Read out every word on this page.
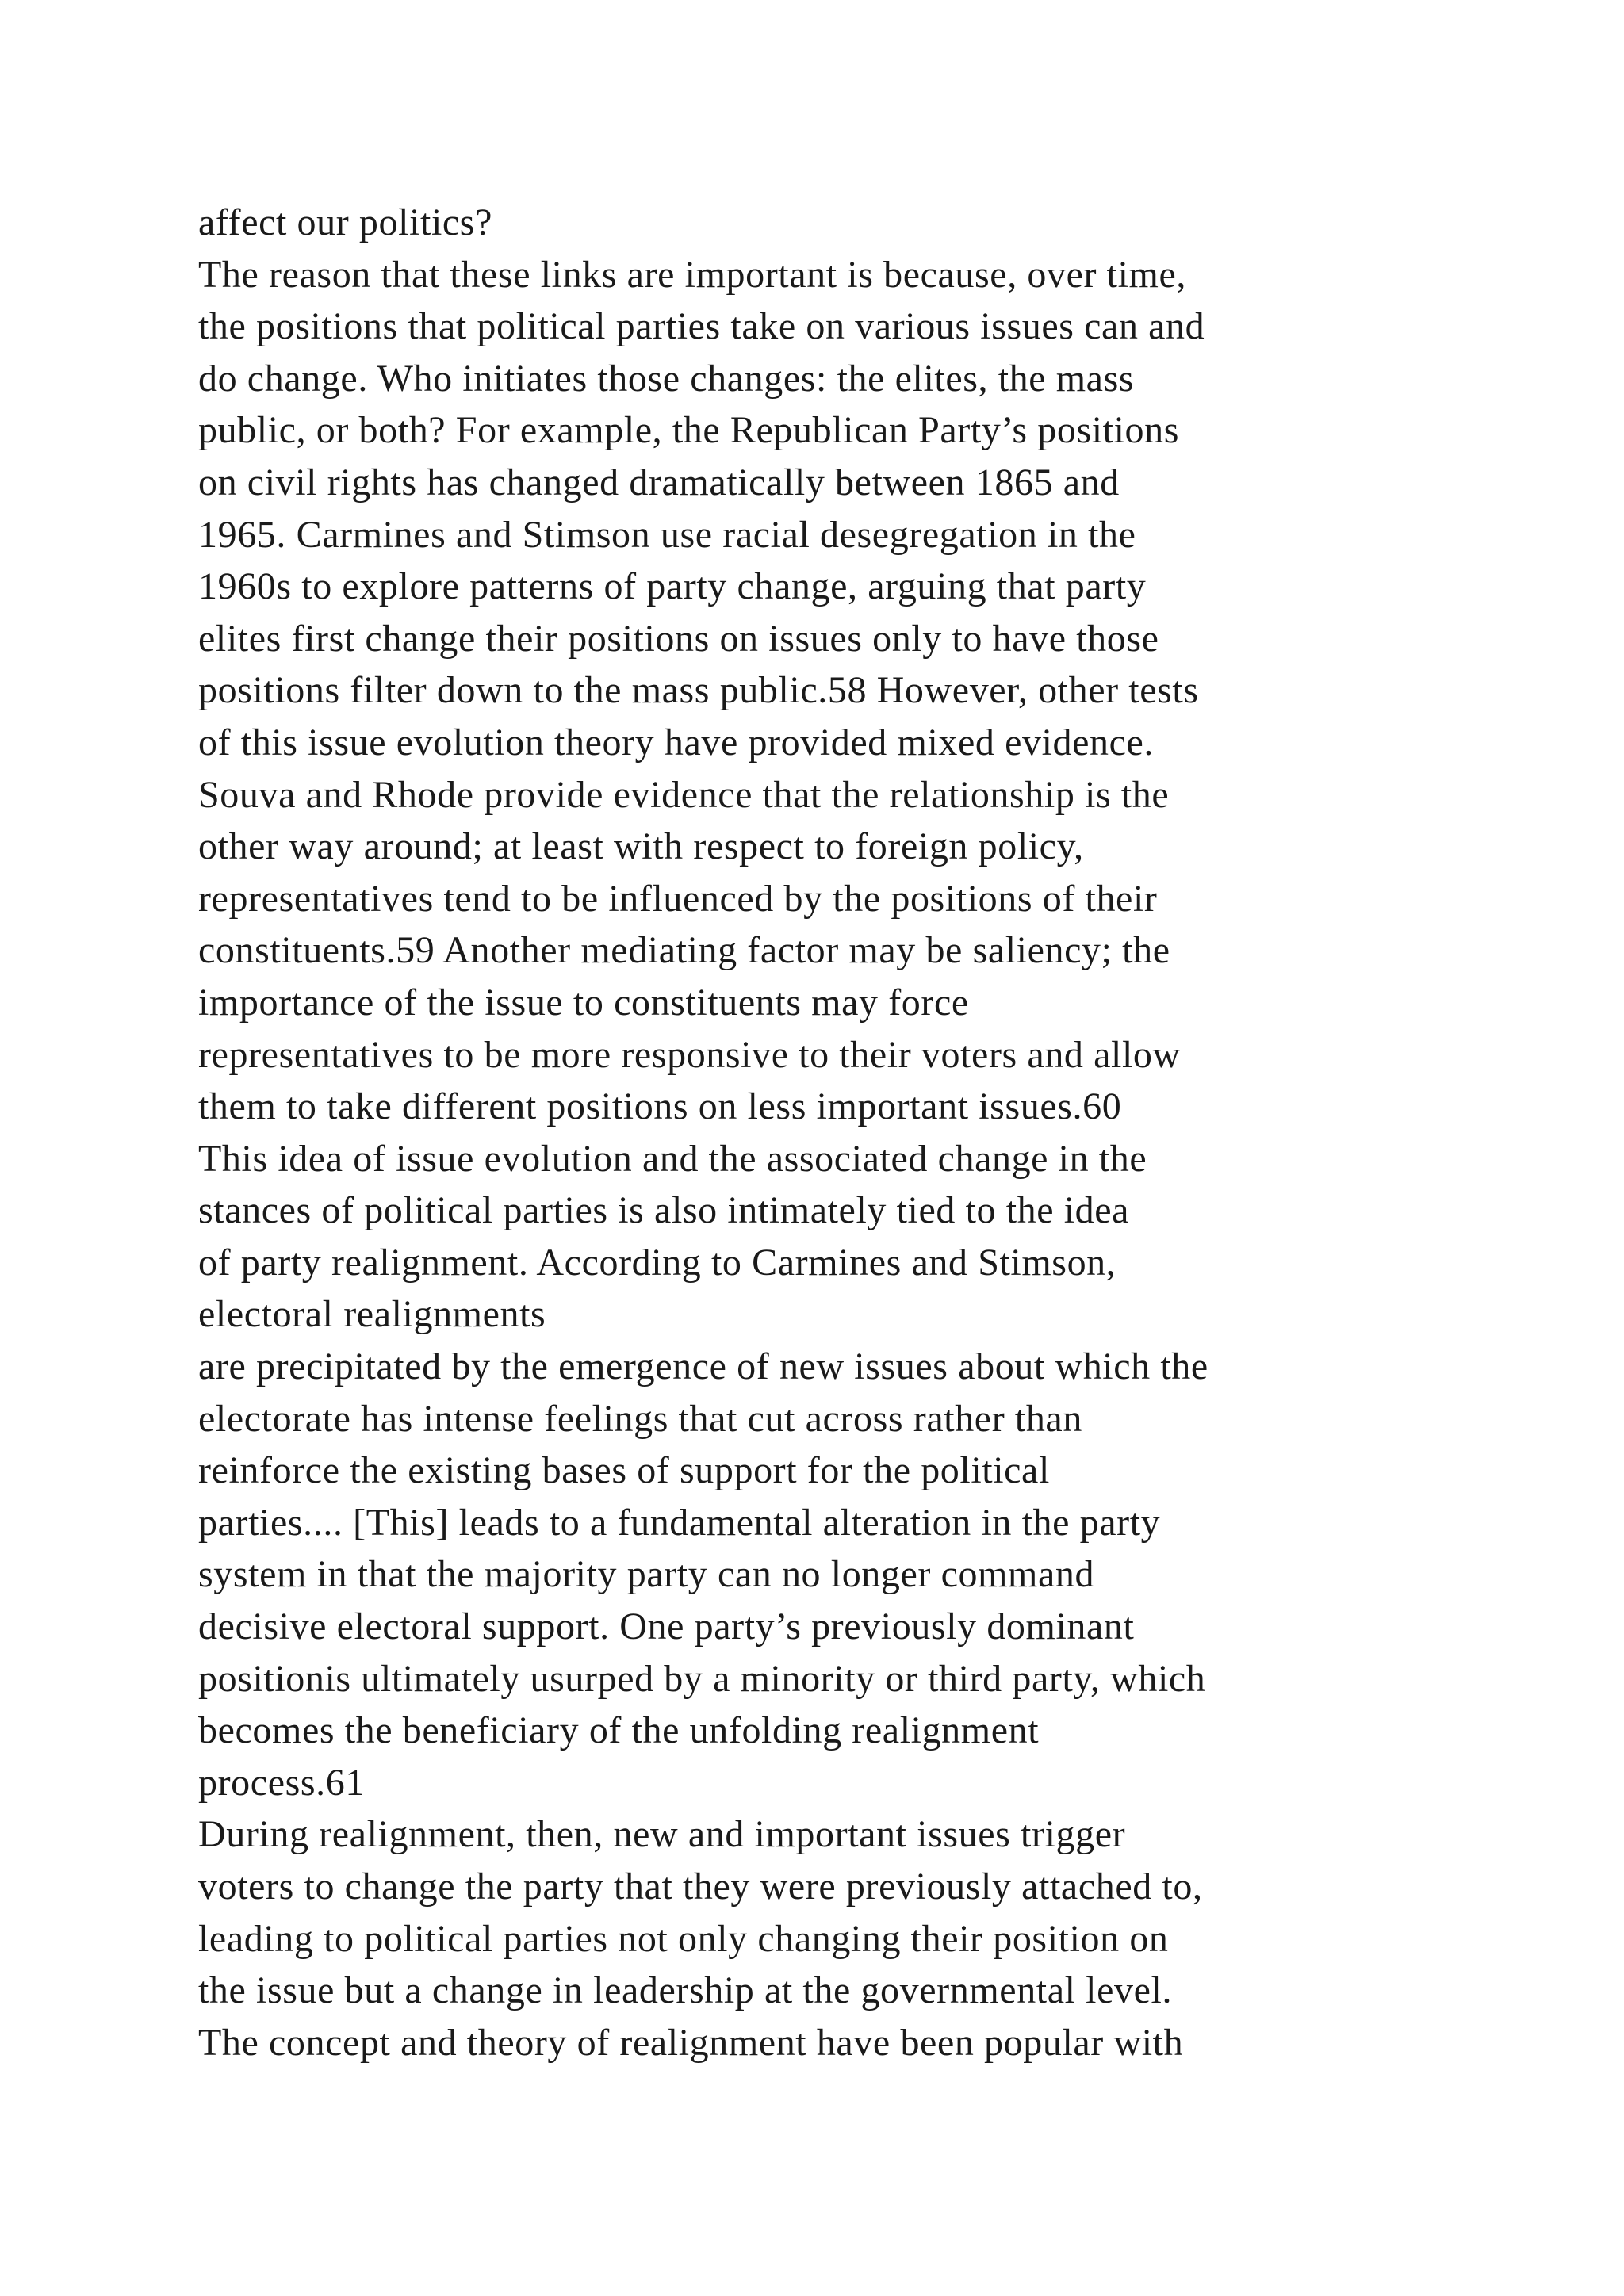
affect our politics?
The reason that these links are important is because, over time,
the positions that political parties take on various issues can and
do change. Who initiates those changes: the elites, the mass
public, or both? For example, the Republican Party’s positions
on civil rights has changed dramatically between 1865 and
1965. Carmines and Stimson use racial desegregation in the
1960s to explore patterns of party change, arguing that party
elites first change their positions on issues only to have those
positions filter down to the mass public.58 However, other tests
of this issue evolution theory have provided mixed evidence.
Souva and Rhode provide evidence that the relationship is the
other way around; at least with respect to foreign policy,
representatives tend to be influenced by the positions of their
constituents.59 Another mediating factor may be saliency; the
importance of the issue to constituents may force
representatives to be more responsive to their voters and allow
them to take different positions on less important issues.60
This idea of issue evolution and the associated change in the
stances of political parties is also intimately tied to the idea
of party realignment. According to Carmines and Stimson,
electoral realignments
are precipitated by the emergence of new issues about which the
electorate has intense feelings that cut across rather than
reinforce the existing bases of support for the political
parties.... [This] leads to a fundamental alteration in the party
system in that the majority party can no longer command
decisive electoral support. One party’s previously dominant
positionis ultimately usurped by a minority or third party, which
becomes the beneficiary of the unfolding realignment
process.61
During realignment, then, new and important issues trigger
voters to change the party that they were previously attached to,
leading to political parties not only changing their position on
the issue but a change in leadership at the governmental level.
The concept and theory of realignment have been popular with
